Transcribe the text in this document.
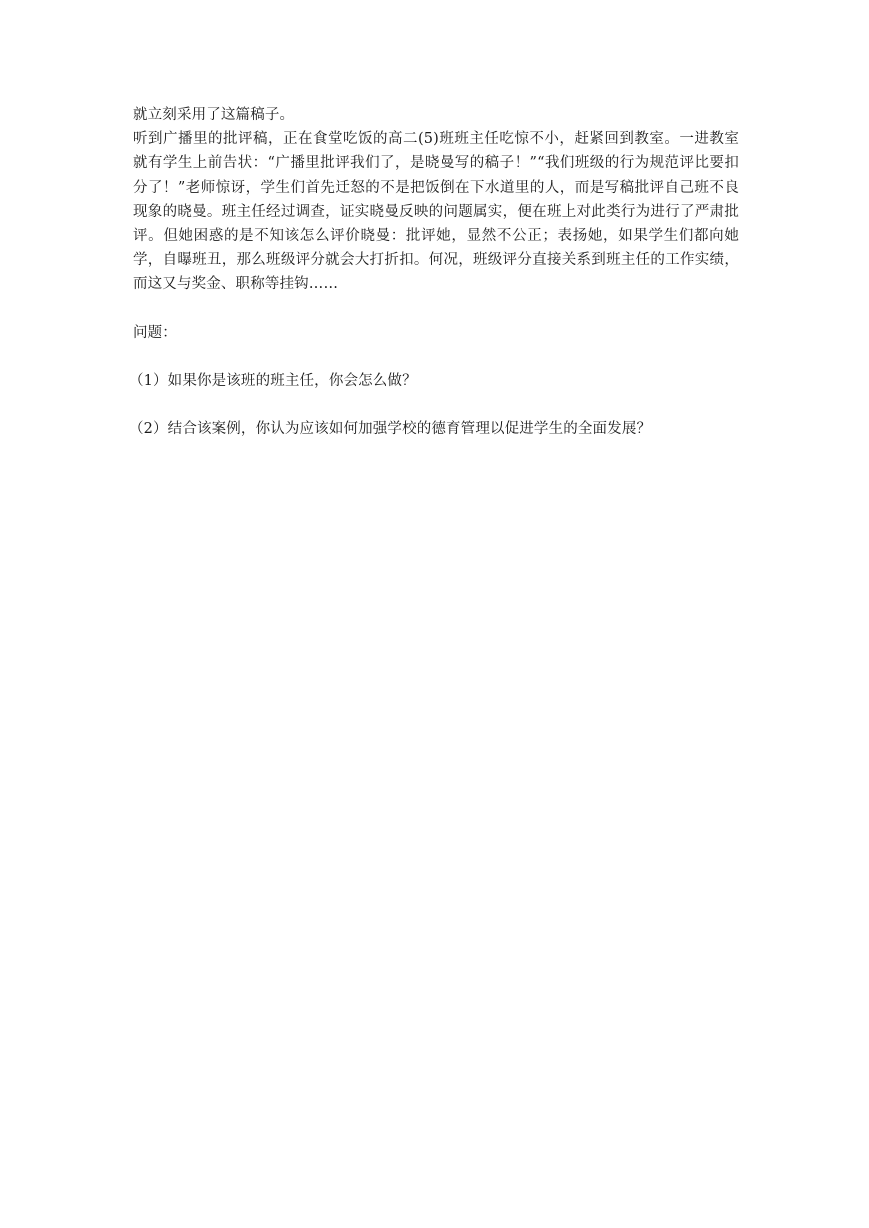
就立刻采用了这篇稿子。

听到广播里的批评稿，正在食堂吃饭的高二(5)班班主任吃惊不小，赶紧回到教室。一进教室就有学生上前告状：“广播里批评我们了，是晓曼写的稿子！”“我们班级的行为规范评比要扣分了！”老师惊讶，学生们首先迁怒的不是把饭倒在下水道里的人，而是写稿批评自己班不良现象的晓曼。班主任经过调查，证实晓曼反映的问题属实，便在班上对此类行为进行了严肃批评。但她困惑的是不知该怎么评价晓曼：批评她，显然不公正；表扬她，如果学生们都向她学，自曝班丑，那么班级评分就会大打折扣。何况，班级评分直接关系到班主任的工作实绩，而这又与奖金、职称等挂钩……

问题：

（1）如果你是该班的班主任，你会怎么做？

（2）结合该案例，你认为应该如何加强学校的德育管理以促进学生的全面发展？
